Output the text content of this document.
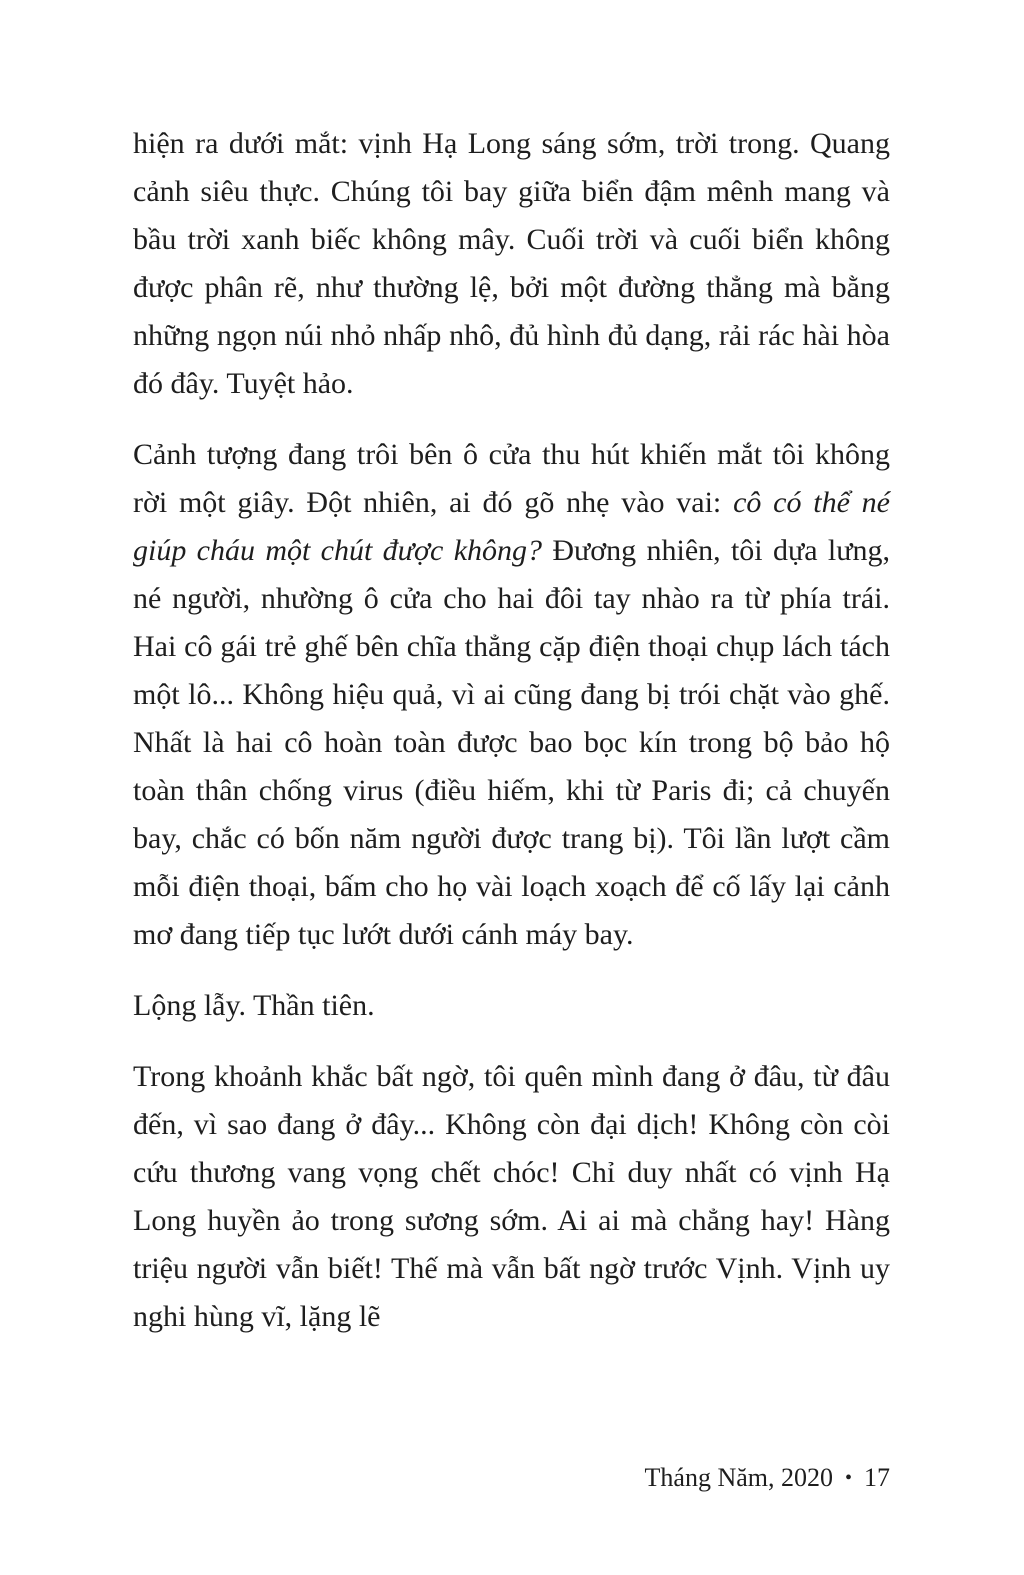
hiện ra dưới mắt: vịnh Hạ Long sáng sớm, trời trong. Quang cảnh siêu thực. Chúng tôi bay giữa biển đậm mênh mang và bầu trời xanh biếc không mây. Cuối trời và cuối biển không được phân rẽ, như thường lệ, bởi một đường thẳng mà bằng những ngọn núi nhỏ nhấp nhô, đủ hình đủ dạng, rải rác hài hòa đó đây. Tuyệt hảo.

Cảnh tượng đang trôi bên ô cửa thu hút khiến mắt tôi không rời một giây. Đột nhiên, ai đó gõ nhẹ vào vai: cô có thể né giúp cháu một chút được không? Đương nhiên, tôi dựa lưng, né người, nhường ô cửa cho hai đôi tay nhào ra từ phía trái. Hai cô gái trẻ ghế bên chĩa thẳng cặp điện thoại chụp lách tách một lô... Không hiệu quả, vì ai cũng đang bị trói chặt vào ghế. Nhất là hai cô hoàn toàn được bao bọc kín trong bộ bảo hộ toàn thân chống virus (điều hiếm, khi từ Paris đi; cả chuyến bay, chắc có bốn năm người được trang bị). Tôi lần lượt cầm mỗi điện thoại, bấm cho họ vài loạch xoạch để cố lấy lại cảnh mơ đang tiếp tục lướt dưới cánh máy bay.

Lộng lẫy. Thần tiên.

Trong khoảnh khắc bất ngờ, tôi quên mình đang ở đâu, từ đâu đến, vì sao đang ở đây... Không còn đại dịch! Không còn còi cứu thương vang vọng chết chóc! Chỉ duy nhất có vịnh Hạ Long huyền ảo trong sương sớm. Ai ai mà chẳng hay! Hàng triệu người vẫn biết! Thế mà vẫn bất ngờ trước Vịnh. Vịnh uy nghi hùng vĩ, lặng lẽ

Tháng Năm, 2020 • 17
